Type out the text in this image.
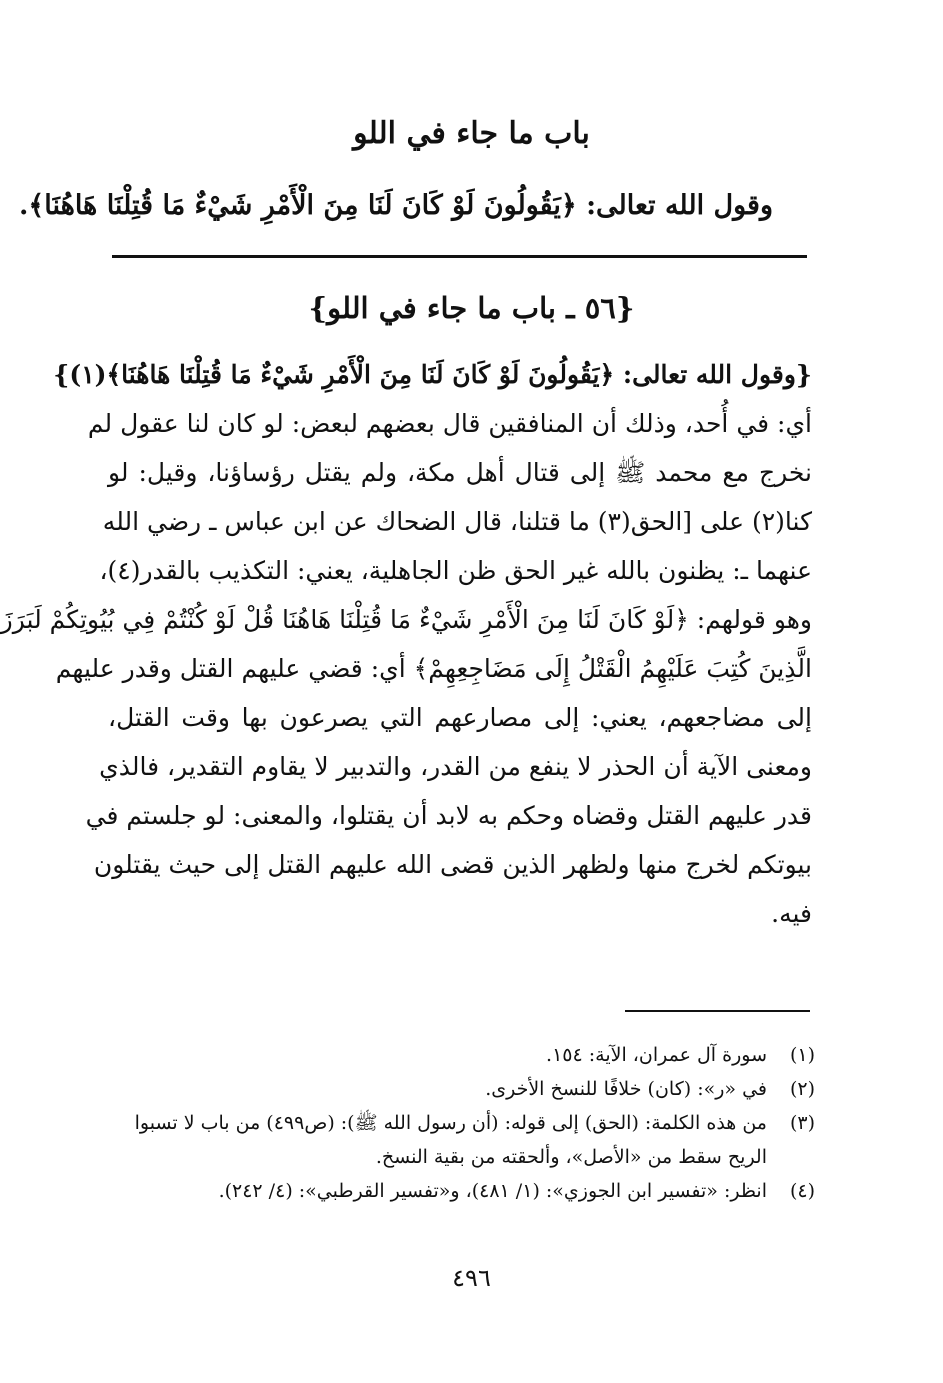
باب ما جاء في اللو
وقول الله تعالى: ﴿يَقُولُونَ لَوْ كَانَ لَنَا مِنَ الْأَمْرِ شَيْءٌ مَا قُتِلْنَا هَاهُنَا﴾.
{٥٦ ـ باب ما جاء في اللو}
{وقول الله تعالى: ﴿يَقُولُونَ لَوْ كَانَ لَنَا مِنَ الْأَمْرِ شَيْءٌ مَا قُتِلْنَا هَاهُنَا﴾(١)}
أي: في أُحد، وذلك أن المنافقين قال بعضهم لبعض: لو كان لنا عقول لم
نخرج مع محمد ﷺ إلى قتال أهل مكة، ولم يقتل رؤساؤنا، وقيل: لو
كنا(٢) على [الحق(٣) ما قتلنا، قال الضحاك عن ابن عباس ـ رضي الله
عنهما ـ: يظنون بالله غير الحق ظن الجاهلية، يعني: التكذيب بالقدر(٤)،
وهو قولهم: ﴿لَوْ كَانَ لَنَا مِنَ الْأَمْرِ شَيْءٌ مَا قُتِلْنَا هَاهُنَا قُلْ لَوْ كُنْتُمْ فِي بُيُوتِكُمْ لَبَرَزَ
الَّذِينَ كُتِبَ عَلَيْهِمُ الْقَتْلُ إِلَى مَضَاجِعِهِمْ﴾ أي: قضي عليهم القتل وقدر عليهم
إلى مضاجعهم، يعني: إلى مصارعهم التي يصرعون بها وقت القتل،
ومعنى الآية أن الحذر لا ينفع من القدر، والتدبير لا يقاوم التقدير، فالذي
قدر عليهم القتل وقضاه وحكم به لابد أن يقتلوا، والمعنى: لو جلستم في
بيوتكم لخرج منها ولظهر الذين قضى الله عليهم القتل إلى حيث يقتلون
فيه.
(١)
سورة آل عمران، الآية: ١٥٤.
(٢)
في «ر»: (كان) خلافًا للنسخ الأخرى.
(٣)
من هذه الكلمة: (الحق) إلى قوله: (أن رسول الله ﷺ): (ص٤٩٩) من باب لا تسبوا
الريح سقط من «الأصل»، وألحقته من بقية النسخ.
(٤)
انظر: «تفسير ابن الجوزي»: (١/ ٤٨١)، و«تفسير القرطبي»: (٤/ ٢٤٢).
٤٩٦
